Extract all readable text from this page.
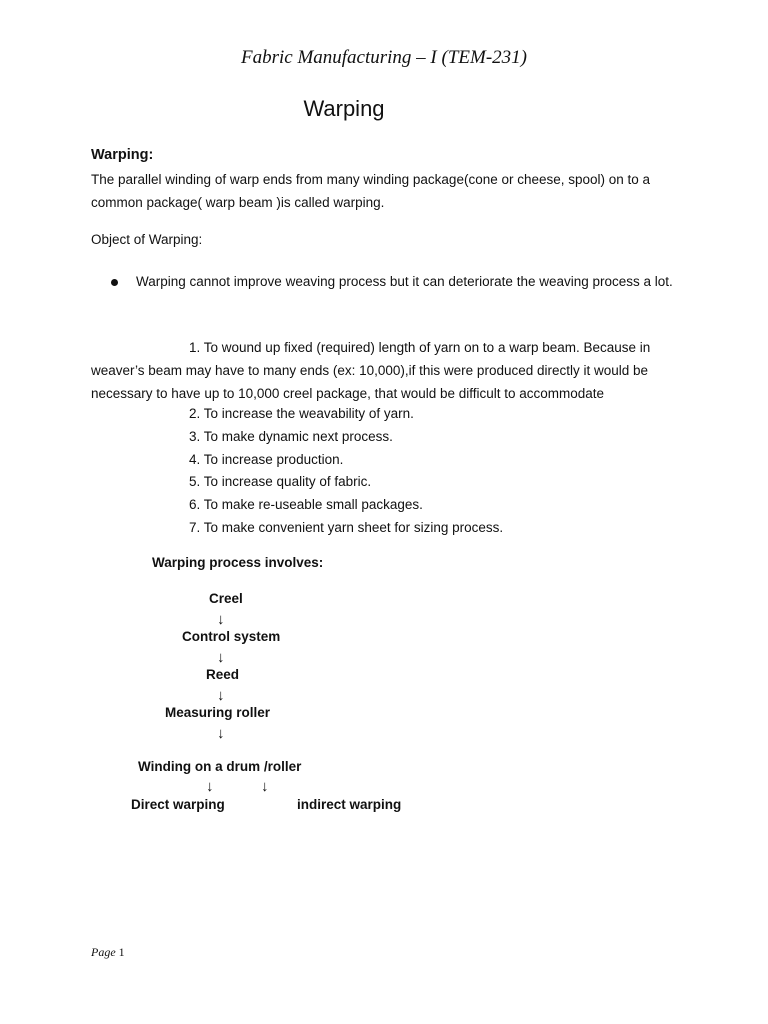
Fabric Manufacturing – I (TEM-231)
Warping
Warping:
The parallel winding of warp ends from many winding package(cone or cheese, spool) on to a common package( warp beam )is called warping.
Object of Warping:
Warping cannot improve weaving process but it can deteriorate the weaving process a lot.
1. To wound up fixed (required) length of yarn on to a warp beam. Because in
weaver’s beam may have to many ends (ex: 10,000),if this were produced directly it would be necessary to have up to 10,000 creel package, that would be difficult to accommodate
2. To increase the weavability of yarn.
3. To make dynamic next process.
4. To increase production.
5. To increase quality of fabric.
6. To make re-useable small packages.
7. To make convenient yarn sheet for sizing process.
Warping process involves:
Creel
↓
Control system
↓
Reed
↓
Measuring roller
↓
Winding on a drum /roller
↓	↓
Direct warping	indirect warping
Page 1
